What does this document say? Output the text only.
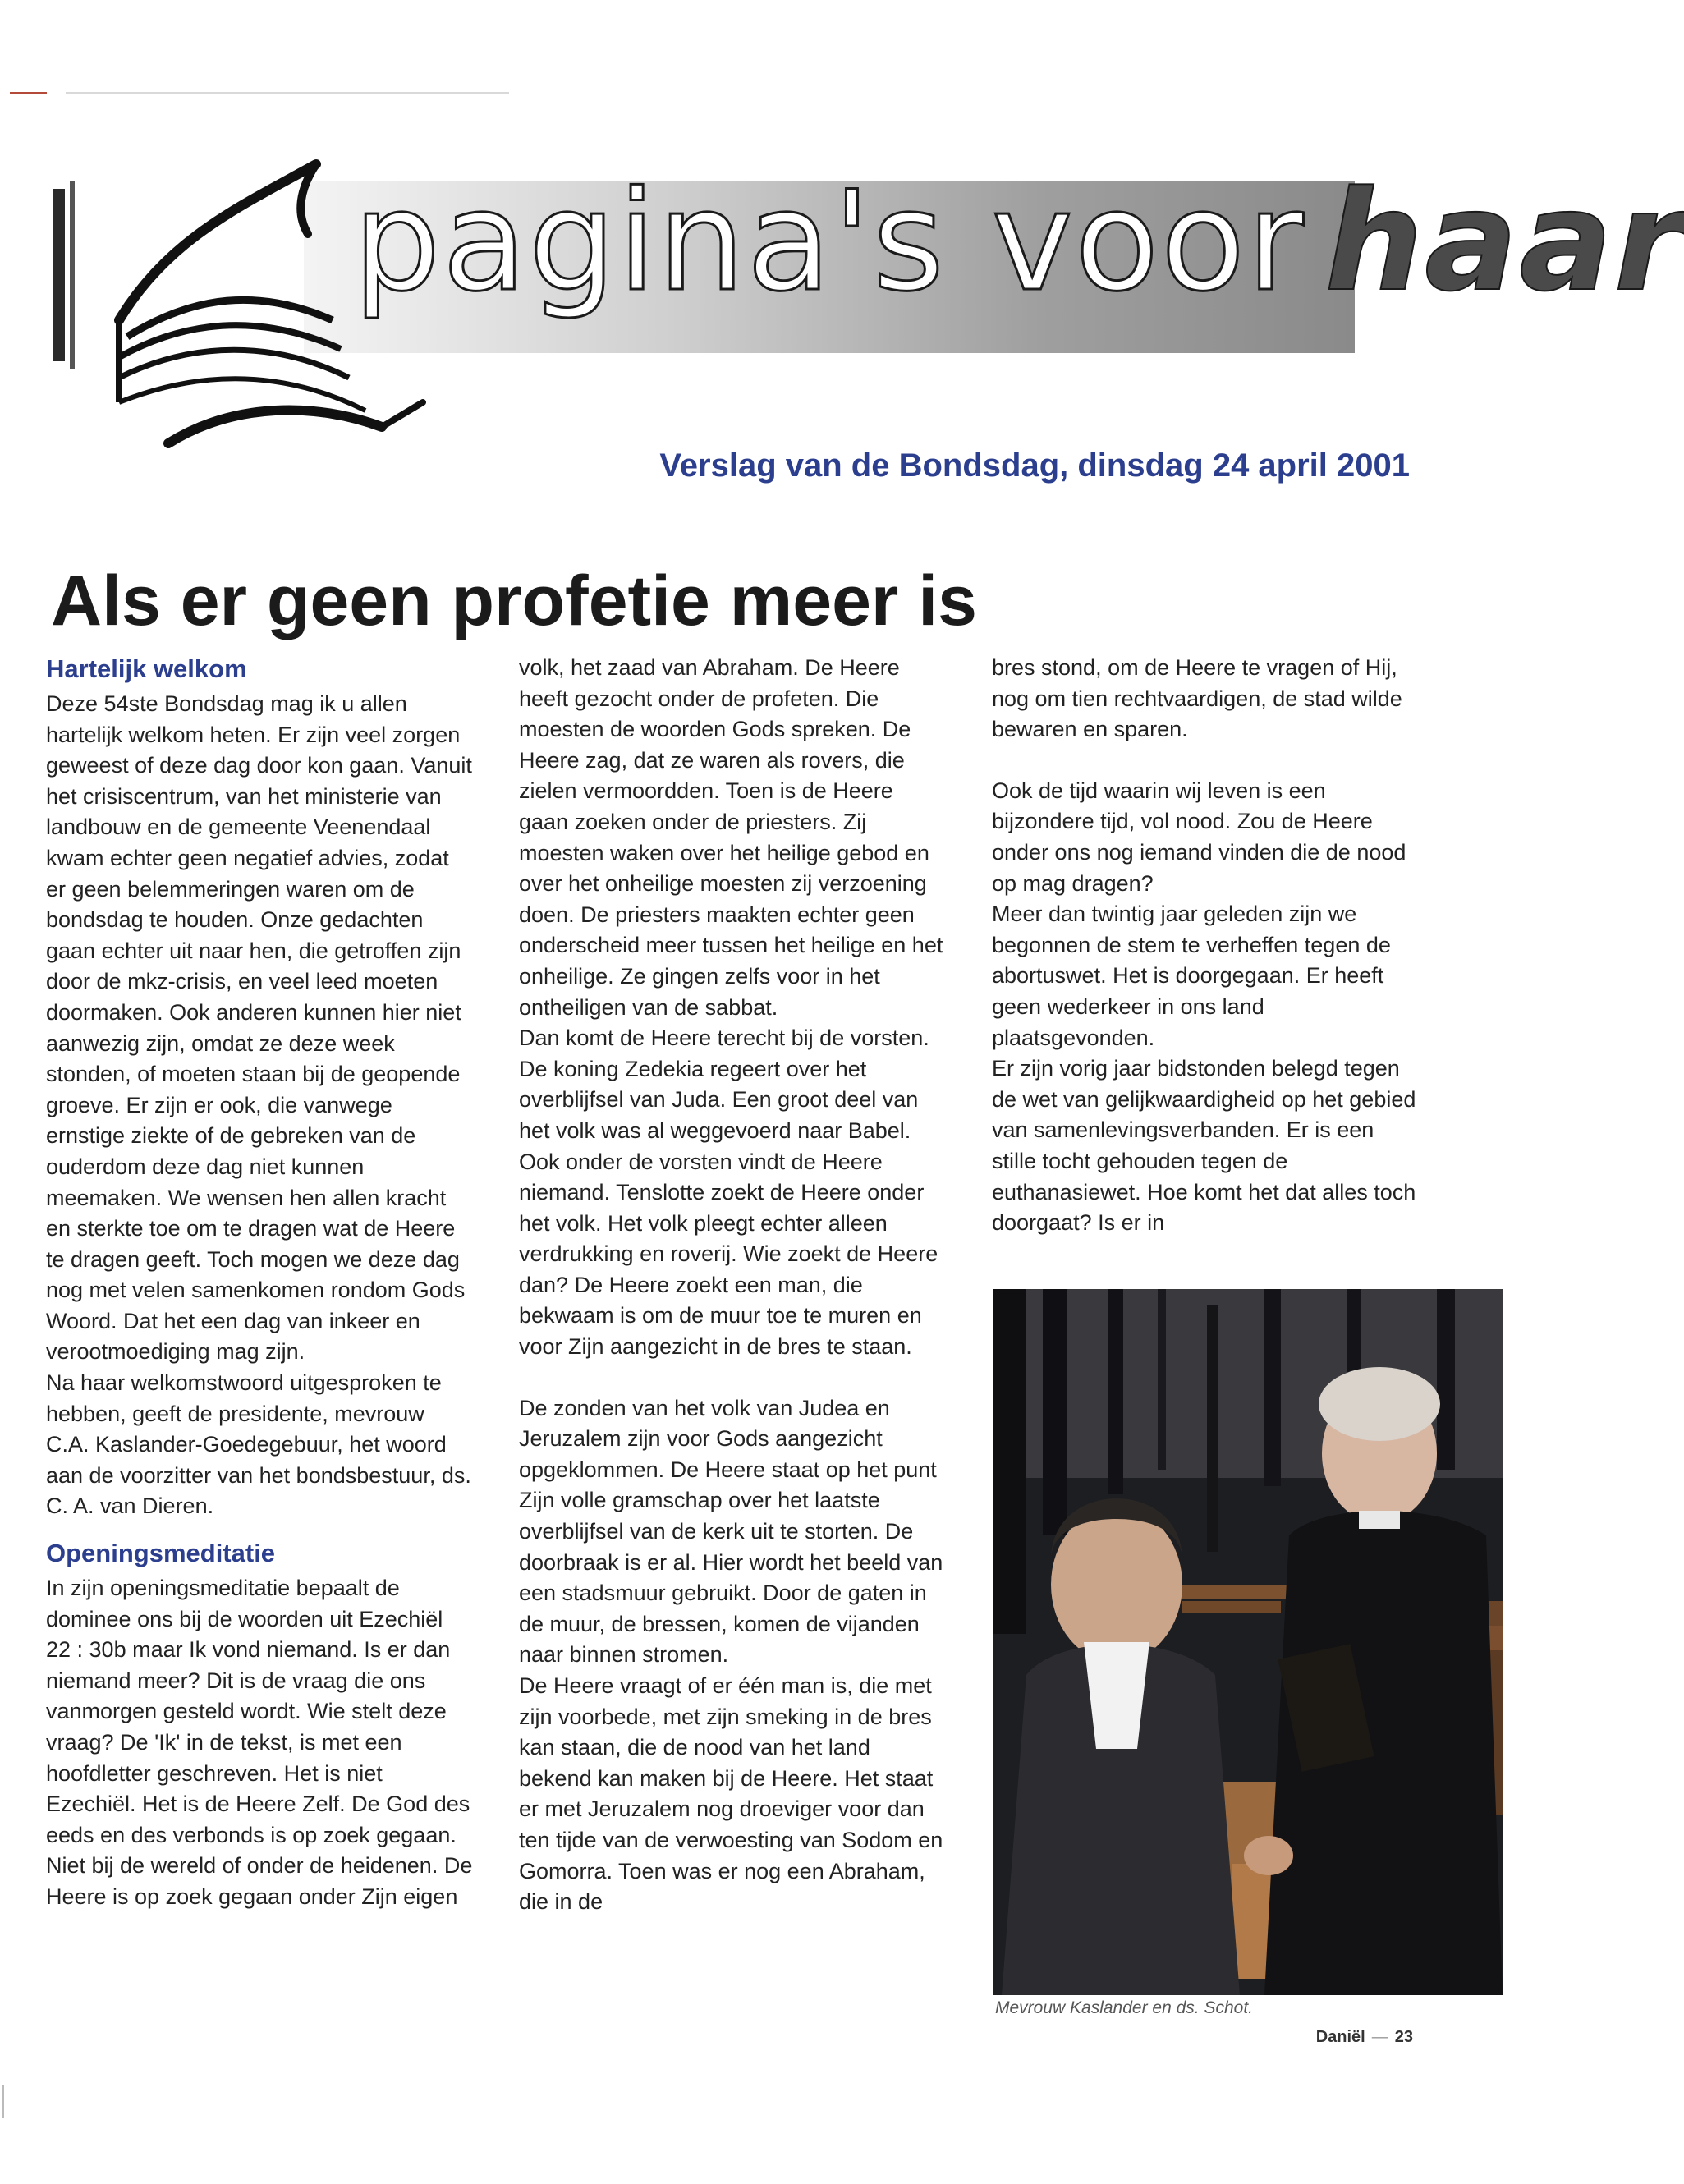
pagina's voor haar
Verslag van de Bondsdag, dinsdag 24 april 2001
Als er geen profetie meer is
Hartelijk welkom

Deze 54ste Bondsdag mag ik u allen hartelijk welkom heten. Er zijn veel zorgen geweest of deze dag door kon gaan. Vanuit het crisiscentrum, van het ministerie van landbouw en de gemeente Veenendaal kwam echter geen negatief advies, zodat er geen belemmeringen waren om de bondsdag te houden. Onze gedachten gaan echter uit naar hen, die getroffen zijn door de mkz-crisis, en veel leed moeten doormaken. Ook anderen kunnen hier niet aanwezig zijn, omdat ze deze week stonden, of moeten staan bij de geopende groeve. Er zijn er ook, die vanwege ernstige ziekte of de gebreken van de ouderdom deze dag niet kunnen meemaken. We wensen hen allen kracht en sterkte toe om te dragen wat de Heere te dragen geeft. Toch mogen we deze dag nog met velen samenkomen rondom Gods Woord. Dat het een dag van inkeer en verootmoediging mag zijn.

Na haar welkomstwoord uitgesproken te hebben, geeft de presidente, mevrouw C.A. Kaslander-Goedegebuur, het woord aan de voorzitter van het bondsbestuur, ds. C. A. van Dieren.

Openingsmeditatie

In zijn openingsmeditatie bepaalt de dominee ons bij de woorden uit Ezechiël 22 : 30b maar Ik vond niemand. Is er dan niemand meer? Dit is de vraag die ons vanmorgen gesteld wordt. Wie stelt deze vraag? De 'Ik' in de tekst, is met een hoofdletter geschreven. Het is niet Ezechiël. Het is de Heere Zelf. De God des eeds en des verbonds is op zoek gegaan. Niet bij de wereld of onder de heidenen. De Heere is op zoek gegaan onder Zijn eigen

volk, het zaad van Abraham. De Heere heeft gezocht onder de profeten. Die moesten de woorden Gods spreken. De Heere zag, dat ze waren als rovers, die zielen vermoordden. Toen is de Heere gaan zoeken onder de priesters. Zij moesten waken over het heilige gebod en over het onheilige moesten zij verzoening doen. De priesters maakten echter geen onderscheid meer tussen het heilige en het onheilige. Ze gingen zelfs voor in het ontheiligen van de sabbat.

Dan komt de Heere terecht bij de vorsten. De koning Zedekia regeert over het overblijfsel van Juda. Een groot deel van het volk was al weggevoerd naar Babel. Ook onder de vorsten vindt de Heere niemand. Tenslotte zoekt de Heere onder het volk. Het volk pleegt echter alleen verdrukking en roverij. Wie zoekt de Heere dan? De Heere zoekt een man, die bekwaam is om de muur toe te muren en voor Zijn aangezicht in de bres te staan.

De zonden van het volk van Judea en Jeruzalem zijn voor Gods aangezicht opgeklommen. De Heere staat op het punt Zijn volle gramschap over het laatste overblijfsel van de kerk uit te storten. De doorbraak is er al. Hier wordt het beeld van een stadsmuur gebruikt. Door de gaten in de muur, de bressen, komen de vijanden naar binnen stromen.

De Heere vraagt of er één man is, die met zijn voorbede, met zijn smeking in de bres kan staan, die de nood van het land bekend kan maken bij de Heere. Het staat er met Jeruzalem nog droeviger voor dan ten tijde van de verwoesting van Sodom en Gomorra. Toen was er nog een Abraham, die in de

bres stond, om de Heere te vragen of Hij, nog om tien rechtvaardigen, de stad wilde bewaren en sparen.

Ook de tijd waarin wij leven is een bijzondere tijd, vol nood. Zou de Heere onder ons nog iemand vinden die de nood op mag dragen?

Meer dan twintig jaar geleden zijn we begonnen de stem te verheffen tegen de abortuswet. Het is doorgegaan. Er heeft geen wederkeer in ons land plaatsgevonden.

Er zijn vorig jaar bidstonden belegd tegen de wet van gelijkwaardigheid op het gebied van samenlevingsverbanden. Er is een stille tocht gehouden tegen de euthanasiewet. Hoe komt het dat alles toch doorgaat? Is er in

Mevrouw Kaslander en ds. Schot.
Daniël — 23
